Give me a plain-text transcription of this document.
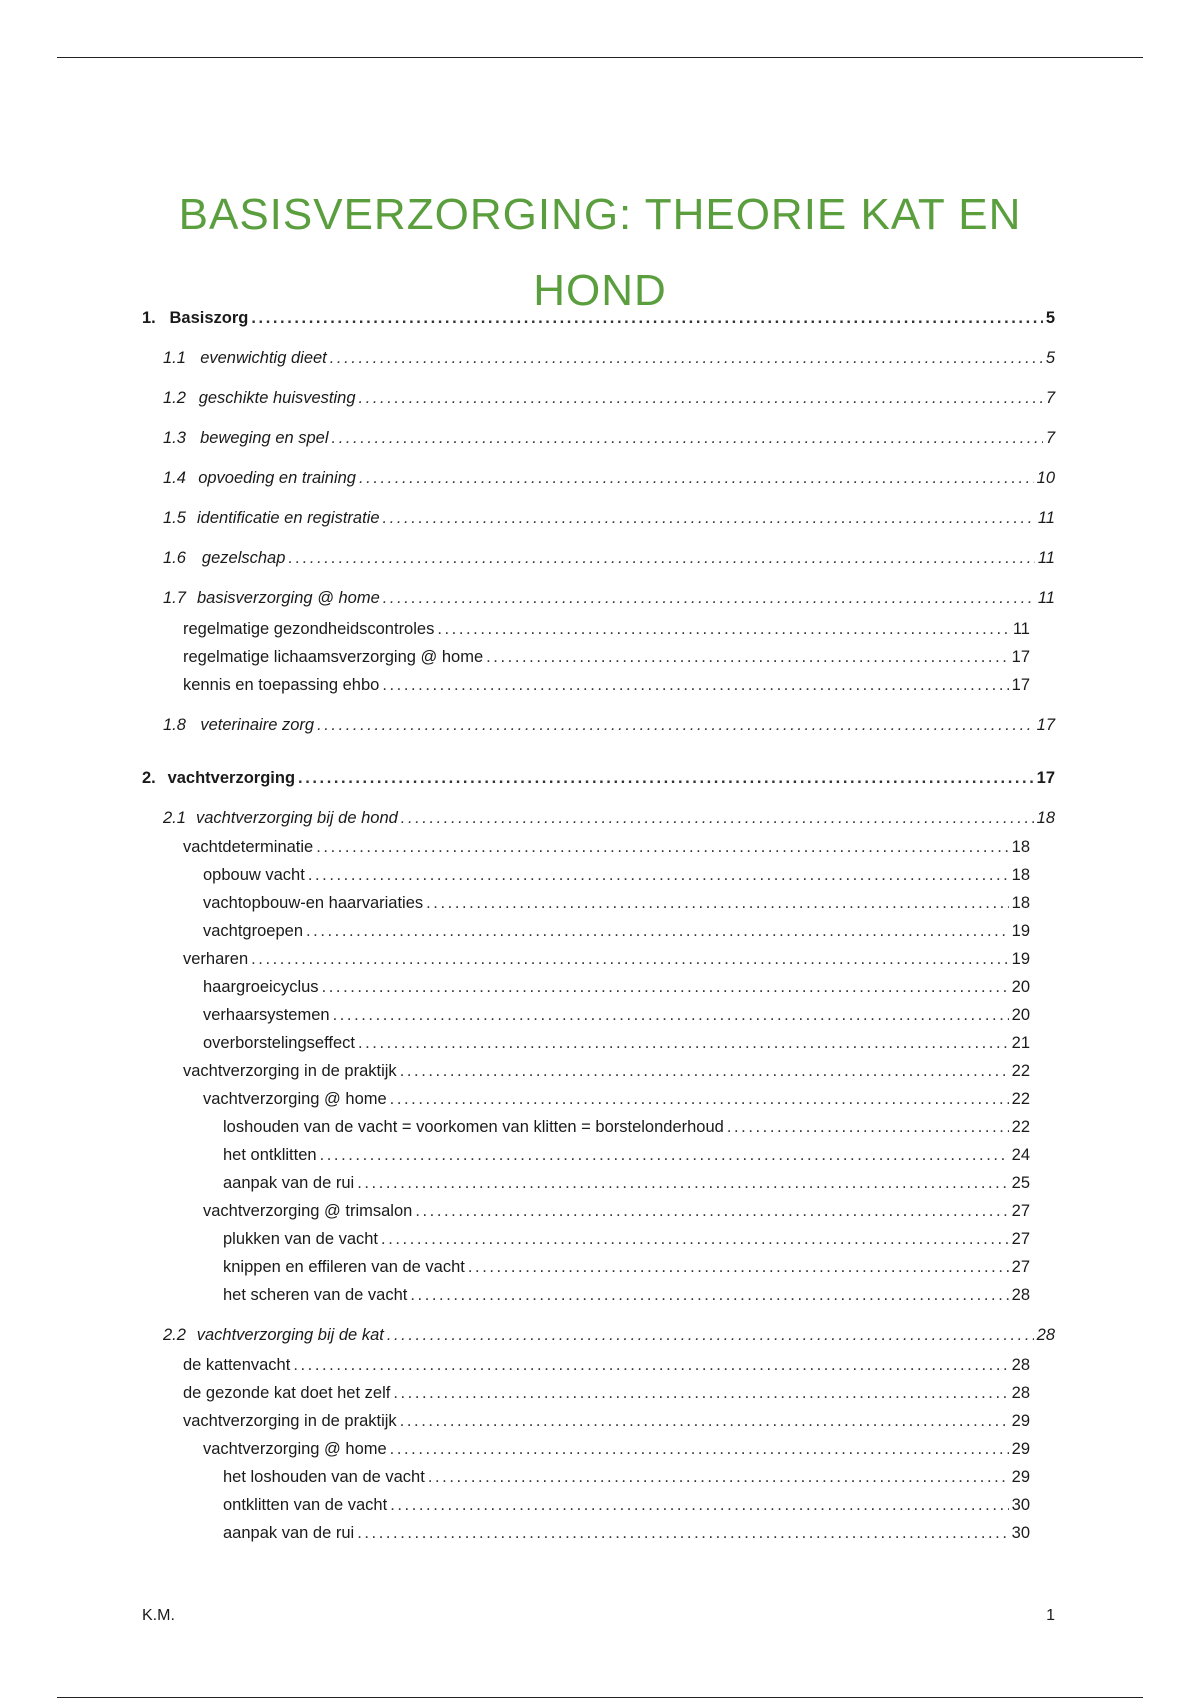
BASISVERZORGING: THEORIE KAT EN HOND
1. Basiszorg . . .	5
1.1 evenwichtig dieet . . .	5
1.2 geschikte huisvesting . . .	7
1.3 beweging en spel . . .	7
1.4 opvoeding en training . . .	10
1.5 identificatie en registratie . . .	11
1.6 gezelschap . . .	11
1.7 basisverzorging @ home . . .	11
regelmatige gezondheidscontroles . . .	11
regelmatige lichaamsverzorging @ home . . .	17
kennis en toepassing ehbo . . .	17
1.8 veterinaire zorg . . .	17
2. vachtverzorging . . .	17
2.1 vachtverzorging bij de hond . . .	18
vachtdeterminatie . . .	18
opbouw vacht . . .	18
vachtopbouw-en haarvariaties . . .	18
vachtgroepen . . .	19
verharen . . .	19
haargroeicyclus . . .	20
verhaarsystemen . . .	20
overborstelingseffect . . .	21
vachtverzorging in de praktijk . . .	22
vachtverzorging @ home . . .	22
loshouden van de vacht = voorkomen van klitten = borstelonderhoud . . .	22
het ontklitten . . .	24
aanpak van de rui . . .	25
vachtverzorging @ trimsalon . . .	27
plukken van de vacht . . .	27
knippen en effileren van de vacht . . .	27
het scheren van de vacht . . .	28
2.2 vachtverzorging bij de kat . . .	28
de kattenvacht . . .	28
de gezonde kat doet het zelf . . .	28
vachtverzorging in de praktijk . . .	29
vachtverzorging @ home . . .	29
het loshouden van de vacht . . .	29
ontklitten van de vacht . . .	30
aanpak van de rui . . .	30
K.M.	1
